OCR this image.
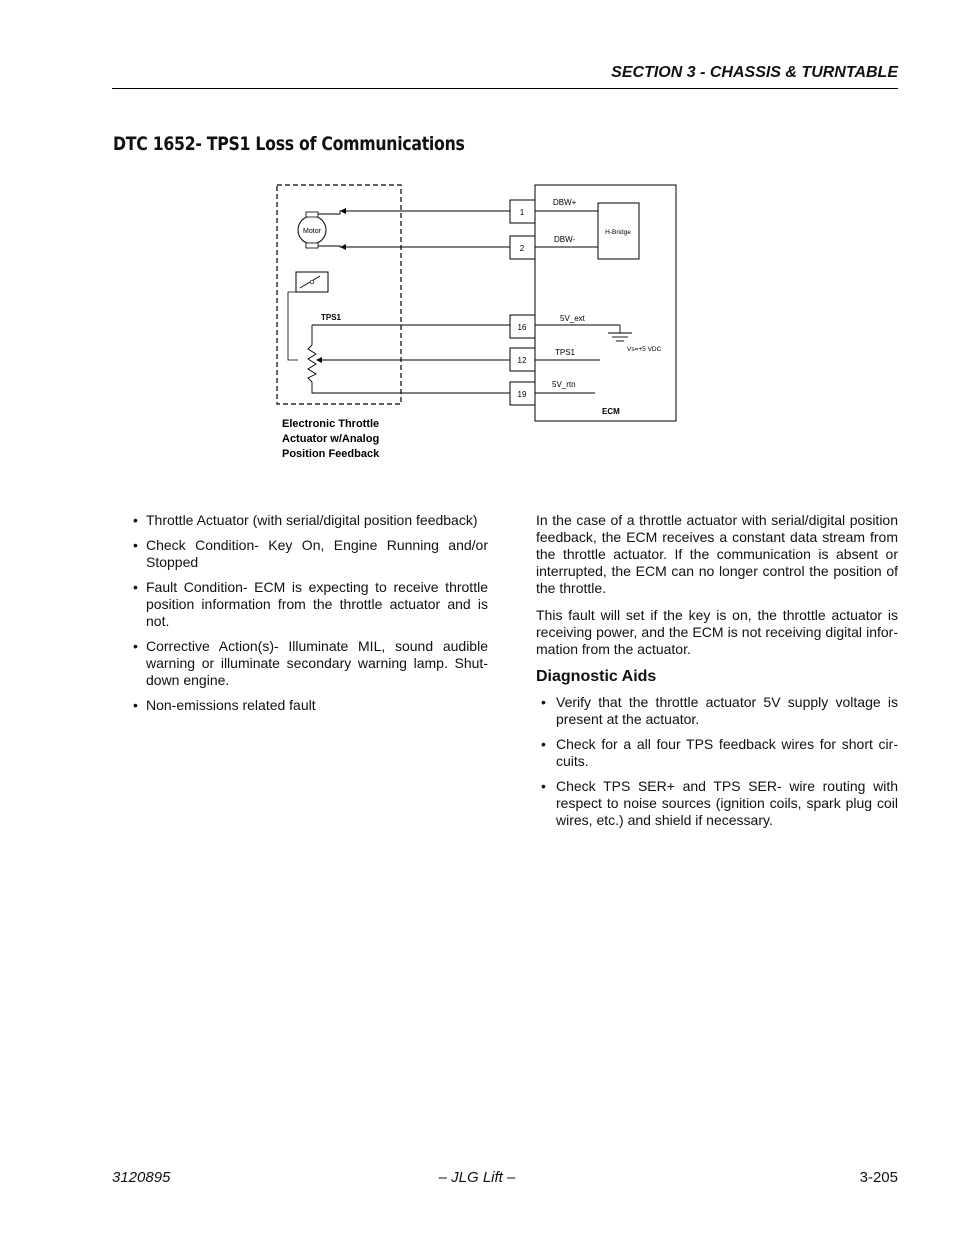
SECTION 3 - CHASSIS & TURNTABLE
DTC 1652- TPS1 Loss of Communications
Motor
TPS1
Electronic Throttle
Actuator w/Analog
Position Feedback
1
2
16
12
19
H-Bridge
DBW+
DBW-
5V_ext
Vs=+5 VDC
TPS1
5V_rtn
ECM
• Throttle Actuator (with serial/digital position feedback)
• Check Condition- Key On, Engine Running and/or Stopped
• Fault Condition- ECM is expecting to receive throttle position information from the throttle actuator and is not.
• Corrective Action(s)- Illuminate MIL, sound audible warning or illuminate secondary warning lamp. Shut-down engine.
• Non-emissions related fault

In the case of a throttle actuator with serial/digital position feedback, the ECM receives a constant data stream from the throttle actuator. If the communication is absent or interrupted, the ECM can no longer control the position of the throttle.

This fault will set if the key is on, the throttle actuator is receiving power, and the ECM is not receiving digital infor-mation from the actuator.

Diagnostic Aids
• Verify that the throttle actuator 5V supply voltage is present at the actuator.
• Check for a all four TPS feedback wires for short cir-cuits.
• Check TPS SER+ and TPS SER- wire routing with respect to noise sources (ignition coils, spark plug coil wires, etc.) and shield if necessary.
3120895	– JLG Lift –	3-205
